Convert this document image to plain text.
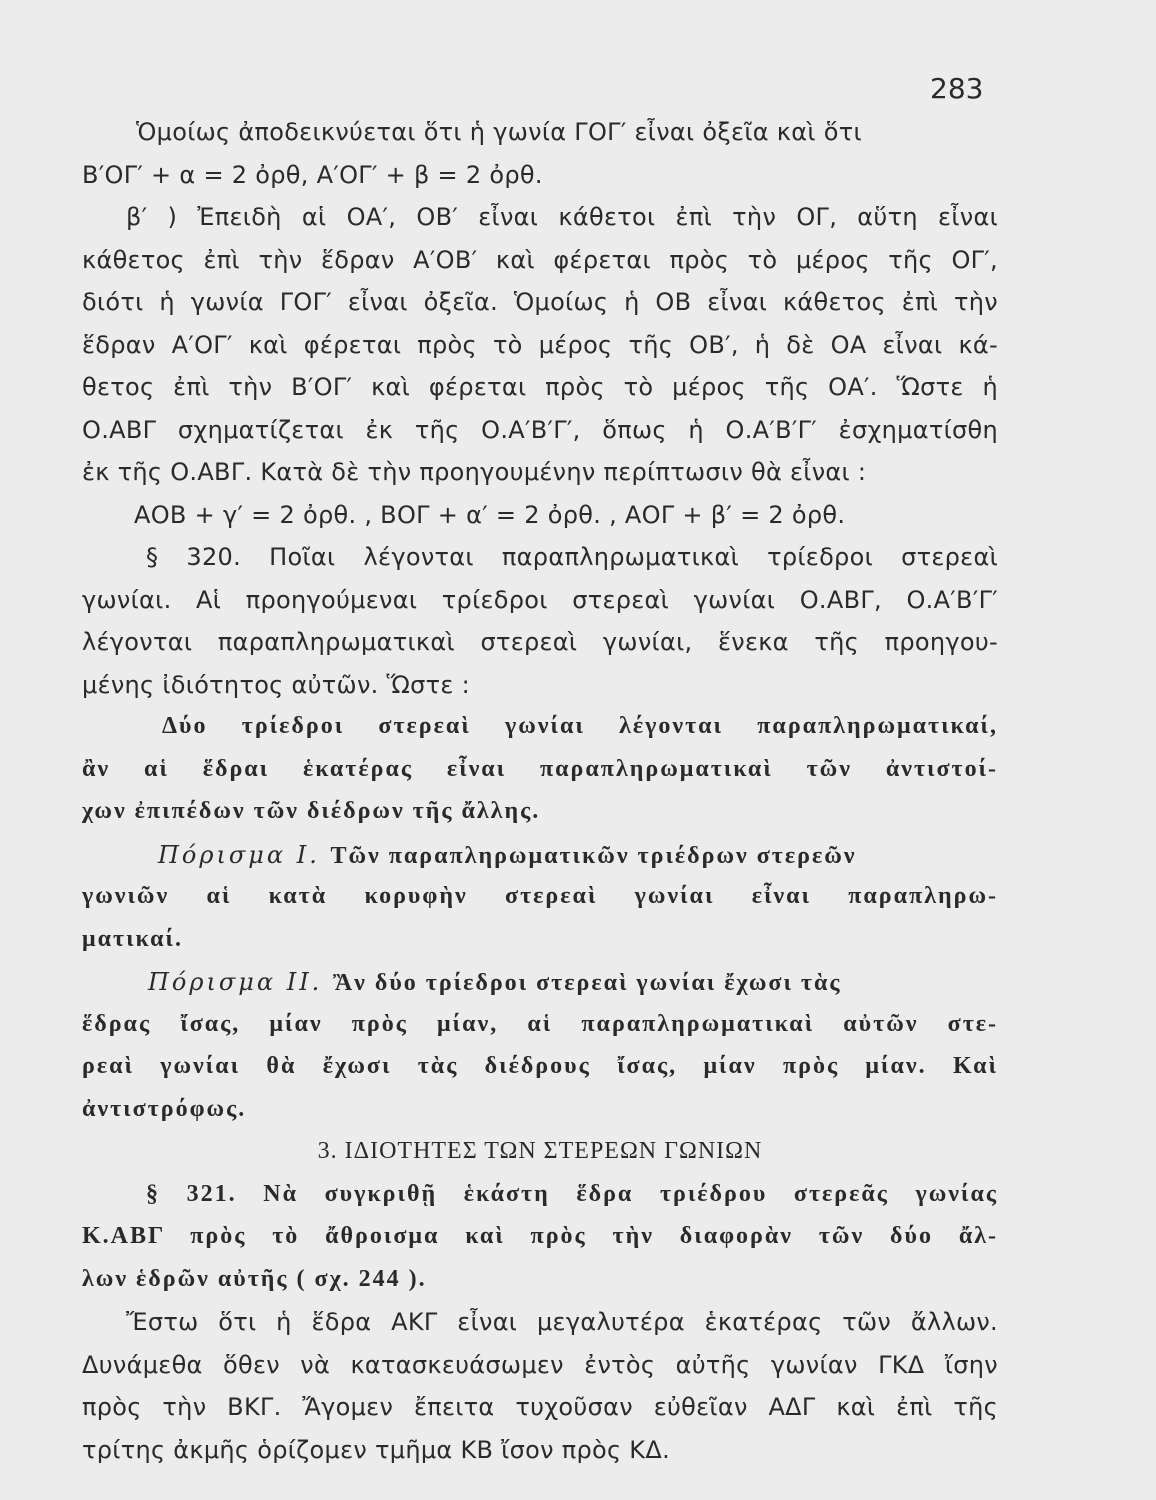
283
Ὁμοίως ἀποδεικνύεται ὅτι ἡ γωνία ΓΟΓ′ εἶναι ὀξεῖα καὶ ὅτι
Β′ΟΓ′ + α = 2 ὀρθ, Α′ΟΓ′ + β = 2 ὀρθ.
β′ ) Ἐπειδὴ αἱ ΟΑ′, ΟΒ′ εἶναι κάθετοι ἐπὶ τὴν ΟΓ, αὕτη εἶναι
κάθετος ἐπὶ τὴν ἕδραν Α′ΟΒ′ καὶ φέρεται πρὸς τὸ μέρος τῆς ΟΓ′,
διότι ἡ γωνία ΓΟΓ′ εἶναι ὀξεῖα. Ὁμοίως ἡ ΟΒ εἶναι κάθετος ἐπὶ τὴν
ἕδραν Α′ΟΓ′ καὶ φέρεται πρὸς τὸ μέρος τῆς ΟΒ′, ἡ δὲ ΟΑ εἶναι κά-
θετος ἐπὶ τὴν Β′ΟΓ′ καὶ φέρεται πρὸς τὸ μέρος τῆς ΟΑ′. Ὥστε ἡ
Ο.ΑΒΓ σχηματίζεται ἐκ τῆς Ο.Α′Β′Γ′, ὅπως ἡ Ο.Α′Β′Γ′ ἐσχηματίσθη
ἐκ τῆς Ο.ΑΒΓ. Κατὰ δὲ τὴν προηγουμένην περίπτωσιν θὰ εἶναι :
ΑΟΒ + γ′ = 2 ὀρθ. , ΒΟΓ + α′ = 2 ὀρθ. , ΑΟΓ + β′ = 2 ὀρθ.
§ 320. Ποῖαι λέγονται παραπληρωματικαὶ τρίεδροι στερεαὶ
γωνίαι. Αἱ προηγούμεναι τρίεδροι στερεαὶ γωνίαι Ο.ΑΒΓ, Ο.Α′Β′Γ′
λέγονται παραπληρωματικαὶ στερεαὶ γωνίαι, ἕνεκα τῆς προηγου-
μένης ἰδιότητος αὐτῶν. Ὥστε :
Δύο τρίεδροι στερεαὶ γωνίαι λέγονται παραπληρωματικαί,
ἂν αἱ ἕδραι ἑκατέρας εἶναι παραπληρωματικαὶ τῶν ἀντιστοί-
χων ἐπιπέδων τῶν διέδρων τῆς ἄλλης.
Πόρισμα Ι. Τῶν παραπληρωματικῶν τριέδρων στερεῶν
γωνιῶν αἱ κατὰ κορυφὴν στερεαὶ γωνίαι εἶναι παραπληρω-
ματικαί.
Πόρισμα ΙΙ. Ἂν δύο τρίεδροι στερεαὶ γωνίαι ἔχωσι τὰς
ἕδρας ἴσας, μίαν πρὸς μίαν, αἱ παραπληρωματικαὶ αὐτῶν στε-
ρεαὶ γωνίαι θὰ ἔχωσι τὰς διέδρους ἴσας, μίαν πρὸς μίαν. Καὶ
ἀντιστρόφως.
3. ΙΔΙΟΤΗΤΕΣ ΤΩΝ ΣΤΕΡΕΩΝ ΓΩΝΙΩΝ
§ 321. Νὰ συγκριθῇ ἑκάστη ἕδρα τριέδρου στερεᾶς γωνίας
Κ.ΑΒΓ πρὸς τὸ ἄθροισμα καὶ πρὸς τὴν διαφορὰν τῶν δύο ἄλ-
λων ἑδρῶν αὐτῆς ( σχ. 244 ).
Ἔστω ὅτι ἡ ἕδρα ΑΚΓ εἶναι μεγαλυτέρα ἑκατέρας τῶν ἄλλων.
Δυνάμεθα ὅθεν νὰ κατασκευάσωμεν ἐντὸς αὐτῆς γωνίαν ΓΚΔ ἴσην
πρὸς τὴν ΒΚΓ. Ἄγομεν ἔπειτα τυχοῦσαν εὐθεῖαν ΑΔΓ καὶ ἐπὶ τῆς
τρίτης ἀκμῆς ὁρίζομεν τμῆμα ΚΒ ἴσον πρὸς ΚΔ.
